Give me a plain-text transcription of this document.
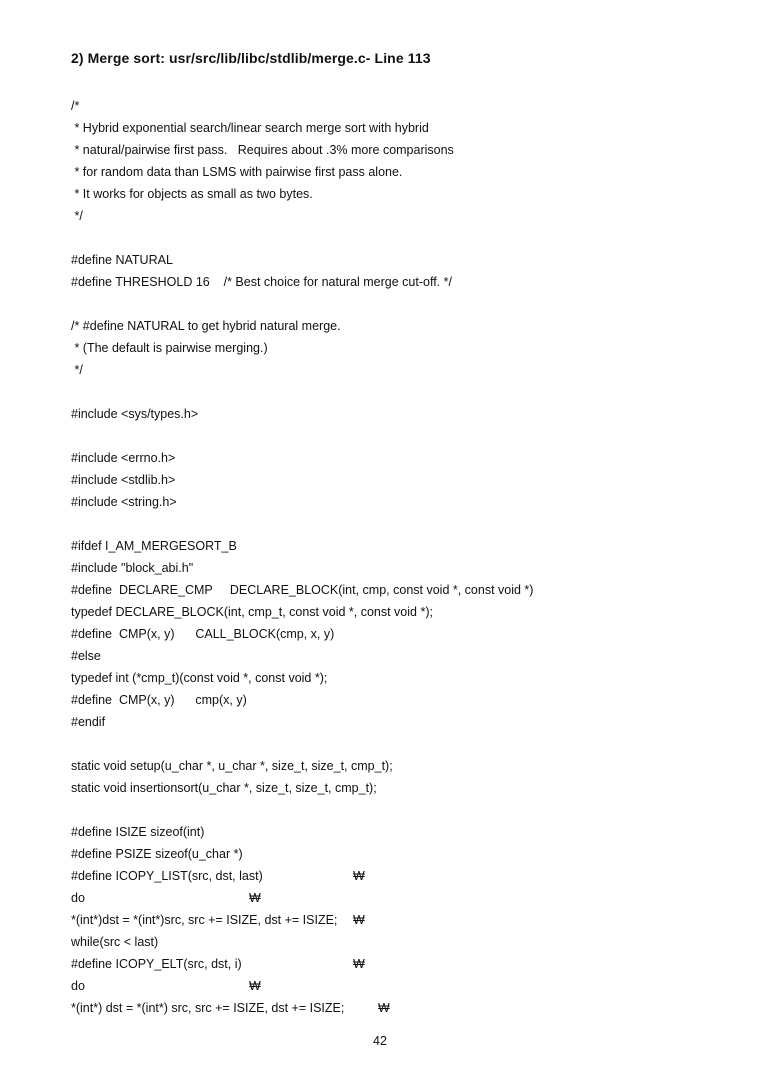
2) Merge sort: usr/src/lib/libc/stdlib/merge.c- Line 113
/*
* Hybrid exponential search/linear search merge sort with hybrid
* natural/pairwise first pass.   Requires about .3% more comparisons
* for random data than LSMS with pairwise first pass alone.
* It works for objects as small as two bytes.
*/
#define NATURAL
#define THRESHOLD 16    /* Best choice for natural merge cut-off. */
/* #define NATURAL to get hybrid natural merge.
* (The default is pairwise merging.)
*/
#include <sys/types.h>
#include <errno.h>
#include <stdlib.h>
#include <string.h>
#ifdef I_AM_MERGESORT_B
#include "block_abi.h"
#define  DECLARE_CMP     DECLARE_BLOCK(int, cmp, const void *, const void *)
typedef DECLARE_BLOCK(int, cmp_t, const void *, const void *);
#define  CMP(x, y)      CALL_BLOCK(cmp, x, y)
#else
typedef int (*cmp_t)(const void *, const void *);
#define  CMP(x, y)      cmp(x, y)
#endif
static void setup(u_char *, u_char *, size_t, size_t, cmp_t);
static void insertionsort(u_char *, size_t, size_t, cmp_t);
#define ISIZE sizeof(int)
#define PSIZE sizeof(u_char *)
#define ICOPY_LIST(src, dst, last)
do
*(int*)dst = *(int*)src, src += ISIZE, dst += ISIZE;
while(src < last)
#define ICOPY_ELT(src, dst, i)
do
*(int*) dst = *(int*) src, src += ISIZE, dst += ISIZE;
₩
₩
₩
₩
₩
₩
42
